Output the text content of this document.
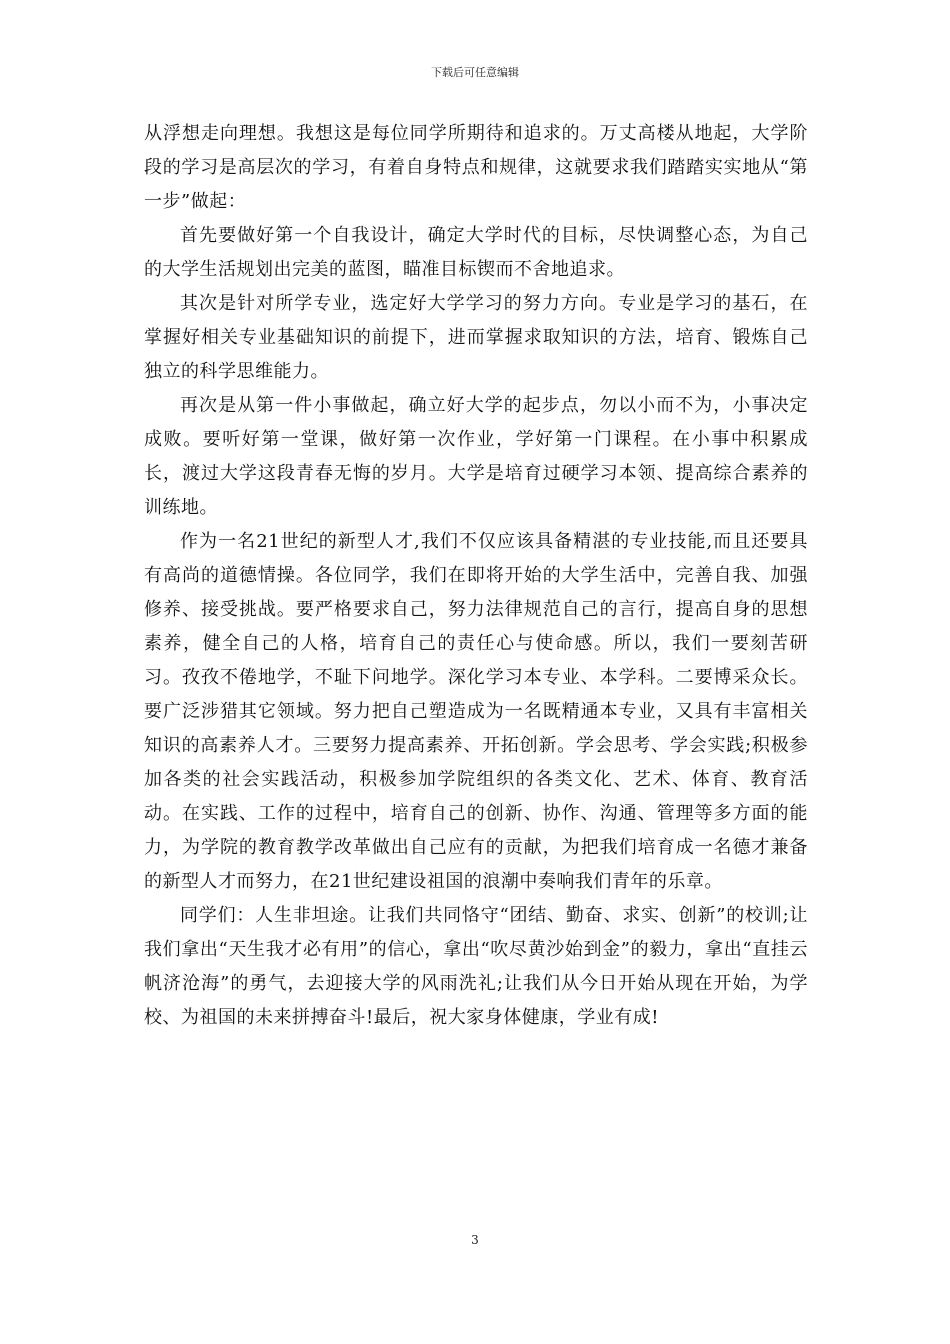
下载后可任意编辑

从浮想走向理想。我想这是每位同学所期待和追求的。万丈高楼从地起，大学阶段的学习是高层次的学习，有着自身特点和规律，这就要求我们踏踏实实地从“第一步”做起：

首先要做好第一个自我设计，确定大学时代的目标，尽快调整心态，为自己的大学生活规划出完美的蓝图，瞄准目标锲而不舍地追求。

其次是针对所学专业，选定好大学学习的努力方向。专业是学习的基石，在掌握好相关专业基础知识的前提下，进而掌握求取知识的方法，培育、锻炼自己独立的科学思维能力。

再次是从第一件小事做起，确立好大学的起步点，勿以小而不为，小事决定成败。要听好第一堂课，做好第一次作业，学好第一门课程。在小事中积累成长，渡过大学这段青春无悔的岁月。大学是培育过硬学习本领、提高综合素养的训练地。

作为一名21世纪的新型人才,我们不仅应该具备精湛的专业技能,而且还要具有高尚的道德情操。各位同学，我们在即将开始的大学生活中，完善自我、加强修养、接受挑战。要严格要求自己，努力法律规范自己的言行，提高自身的思想素养，健全自己的人格，培育自己的责任心与使命感。所以，我们一要刻苦研习。孜孜不倦地学，不耻下问地学。深化学习本专业、本学科。二要博采众长。要广泛涉猎其它领域。努力把自己塑造成为一名既精通本专业，又具有丰富相关知识的高素养人才。三要努力提高素养、开拓创新。学会思考、学会实践;积极参加各类的社会实践活动，积极参加学院组织的各类文化、艺术、体育、教育活动。在实践、工作的过程中，培育自己的创新、协作、沟通、管理等多方面的能力，为学院的教育教学改革做出自己应有的贡献，为把我们培育成一名德才兼备的新型人才而努力，在21世纪建设祖国的浪潮中奏响我们青年的乐章。

同学们：人生非坦途。让我们共同恪守“团结、勤奋、求实、创新”的校训;让我们拿出“天生我才必有用”的信心，拿出“吹尽黄沙始到金”的毅力，拿出“直挂云帆济沧海”的勇气，去迎接大学的风雨洗礼;让我们从今日开始从现在开始，为学校、为祖国的未来拼搏奋斗!最后，祝大家身体健康，学业有成!

3
